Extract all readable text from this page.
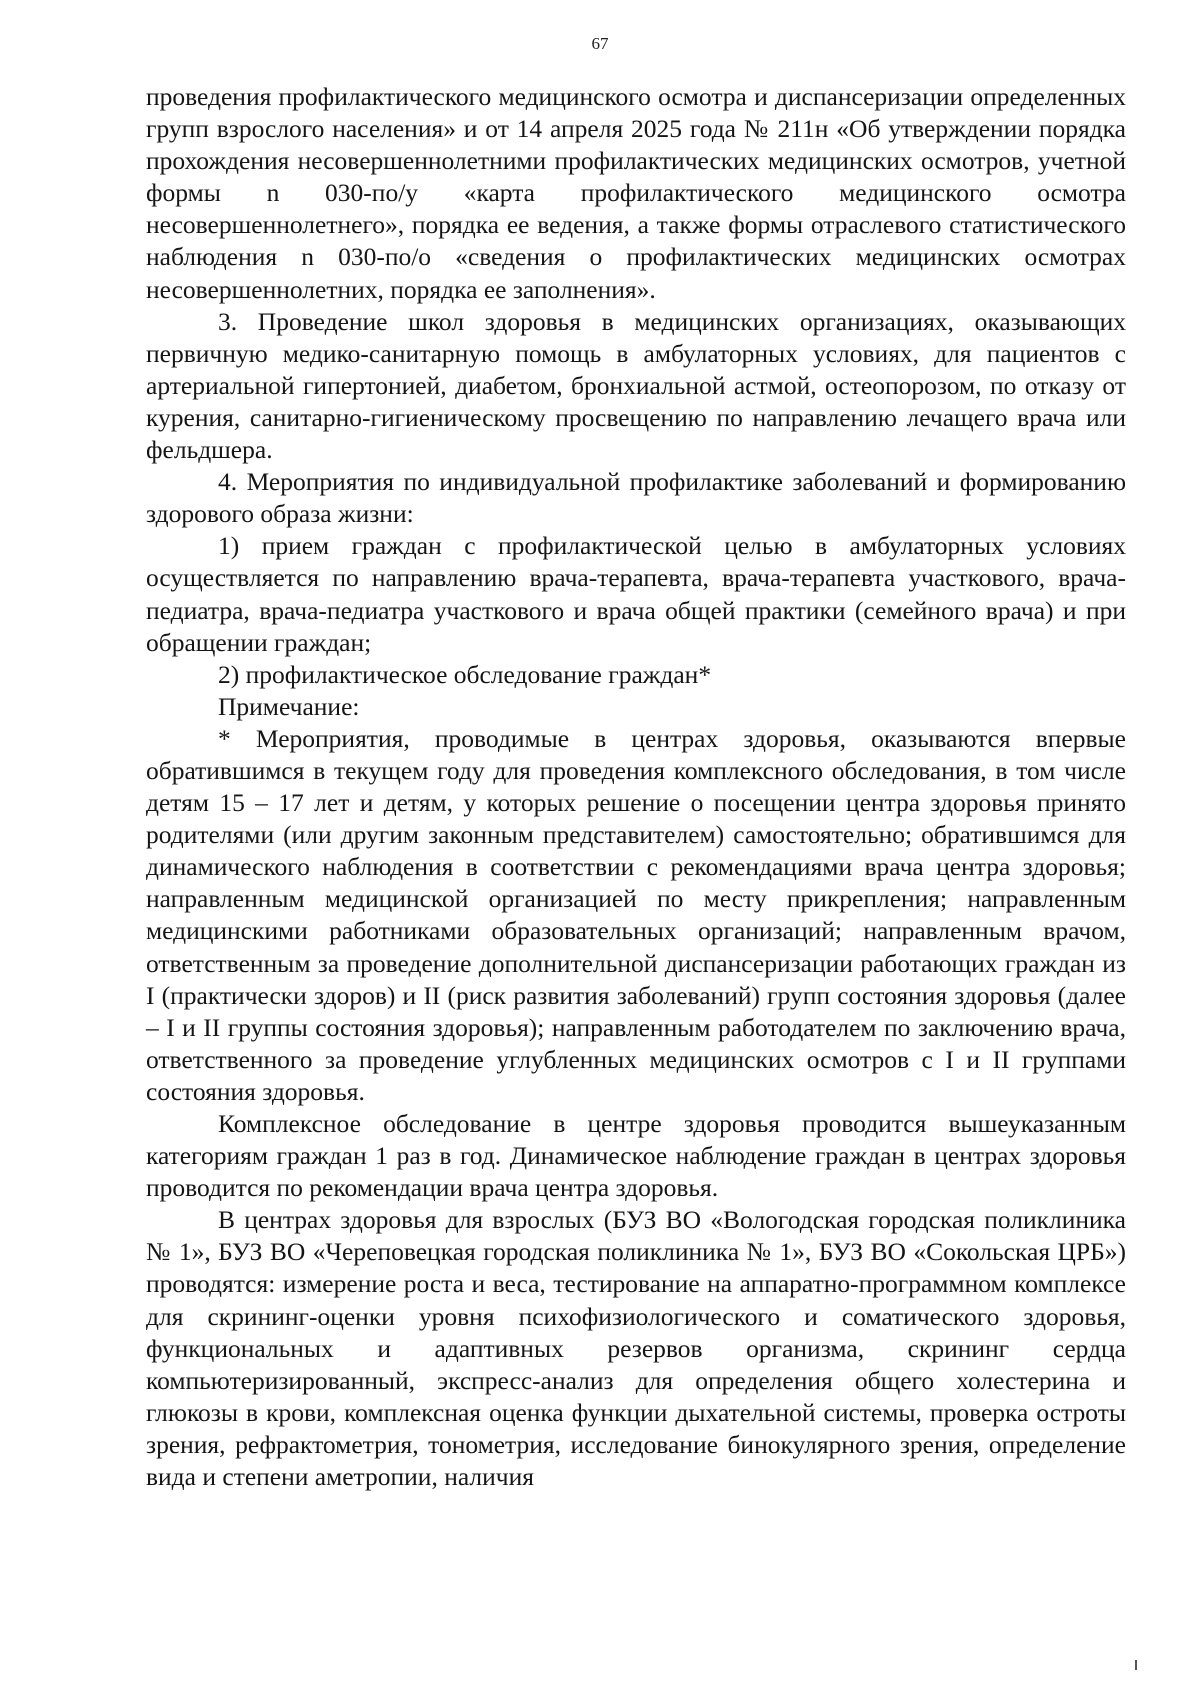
67

проведения профилактического медицинского осмотра и диспансеризации определенных групп взрослого населения» и от 14 апреля 2025 года № 211н «Об утверждении порядка прохождения несовершеннолетними профилактических медицинских осмотров, учетной формы n 030-по/у «карта профилактического медицинского осмотра несовершеннолетнего», порядка ее ведения, а также формы отраслевого статистического наблюдения n 030-по/о «сведения о профилактических медицинских осмотрах несовершеннолетних, порядка ее заполнения».

3. Проведение школ здоровья в медицинских организациях, оказывающих первичную медико-санитарную помощь в амбулаторных условиях, для пациентов с артериальной гипертонией, диабетом, бронхиальной астмой, остеопорозом, по отказу от курения, санитарно-гигиеническому просвещению по направлению лечащего врача или фельдшера.

4. Мероприятия по индивидуальной профилактике заболеваний и формированию здорового образа жизни:

1) прием граждан с профилактической целью в амбулаторных условиях осуществляется по направлению врача-терапевта, врача-терапевта участкового, врача-педиатра, врача-педиатра участкового и врача общей практики (семейного врача) и при обращении граждан;

2) профилактическое обследование граждан*

Примечание:

* Мероприятия, проводимые в центрах здоровья, оказываются впервые обратившимся в текущем году для проведения комплексного обследования, в том числе детям 15 – 17 лет и детям, у которых решение о посещении центра здоровья принято родителями (или другим законным представителем) самостоятельно; обратившимся для динамического наблюдения в соответствии с рекомендациями врача центра здоровья; направленным медицинской организацией по месту прикрепления; направленным медицинскими работниками образовательных организаций; направленным врачом, ответственным за проведение дополнительной диспансеризации работающих граждан из I (практически здоров) и II (риск развития заболеваний) групп состояния здоровья (далее – I и II группы состояния здоровья); направленным работодателем по заключению врача, ответственного за проведение углубленных медицинских осмотров с I и II группами состояния здоровья.

Комплексное обследование в центре здоровья проводится вышеуказанным категориям граждан 1 раз в год. Динамическое наблюдение граждан в центрах здоровья проводится по рекомендации врача центра здоровья.

В центрах здоровья для взрослых (БУЗ ВО «Вологодская городская поликлиника № 1», БУЗ ВО «Череповецкая городская поликлиника № 1», БУЗ ВО «Сокольская ЦРБ») проводятся: измерение роста и веса, тестирование на аппаратно-программном комплексе для скрининг-оценки уровня психофизиологического и соматического здоровья, функциональных и адаптивных резервов организма, скрининг сердца компьютеризированный, экспресс-анализ для определения общего холестерина и глюкозы в крови, комплексная оценка функции дыхательной системы, проверка остроты зрения, рефрактометрия, тонометрия, исследование бинокулярного зрения, определение вида и степени аметропии, наличия
